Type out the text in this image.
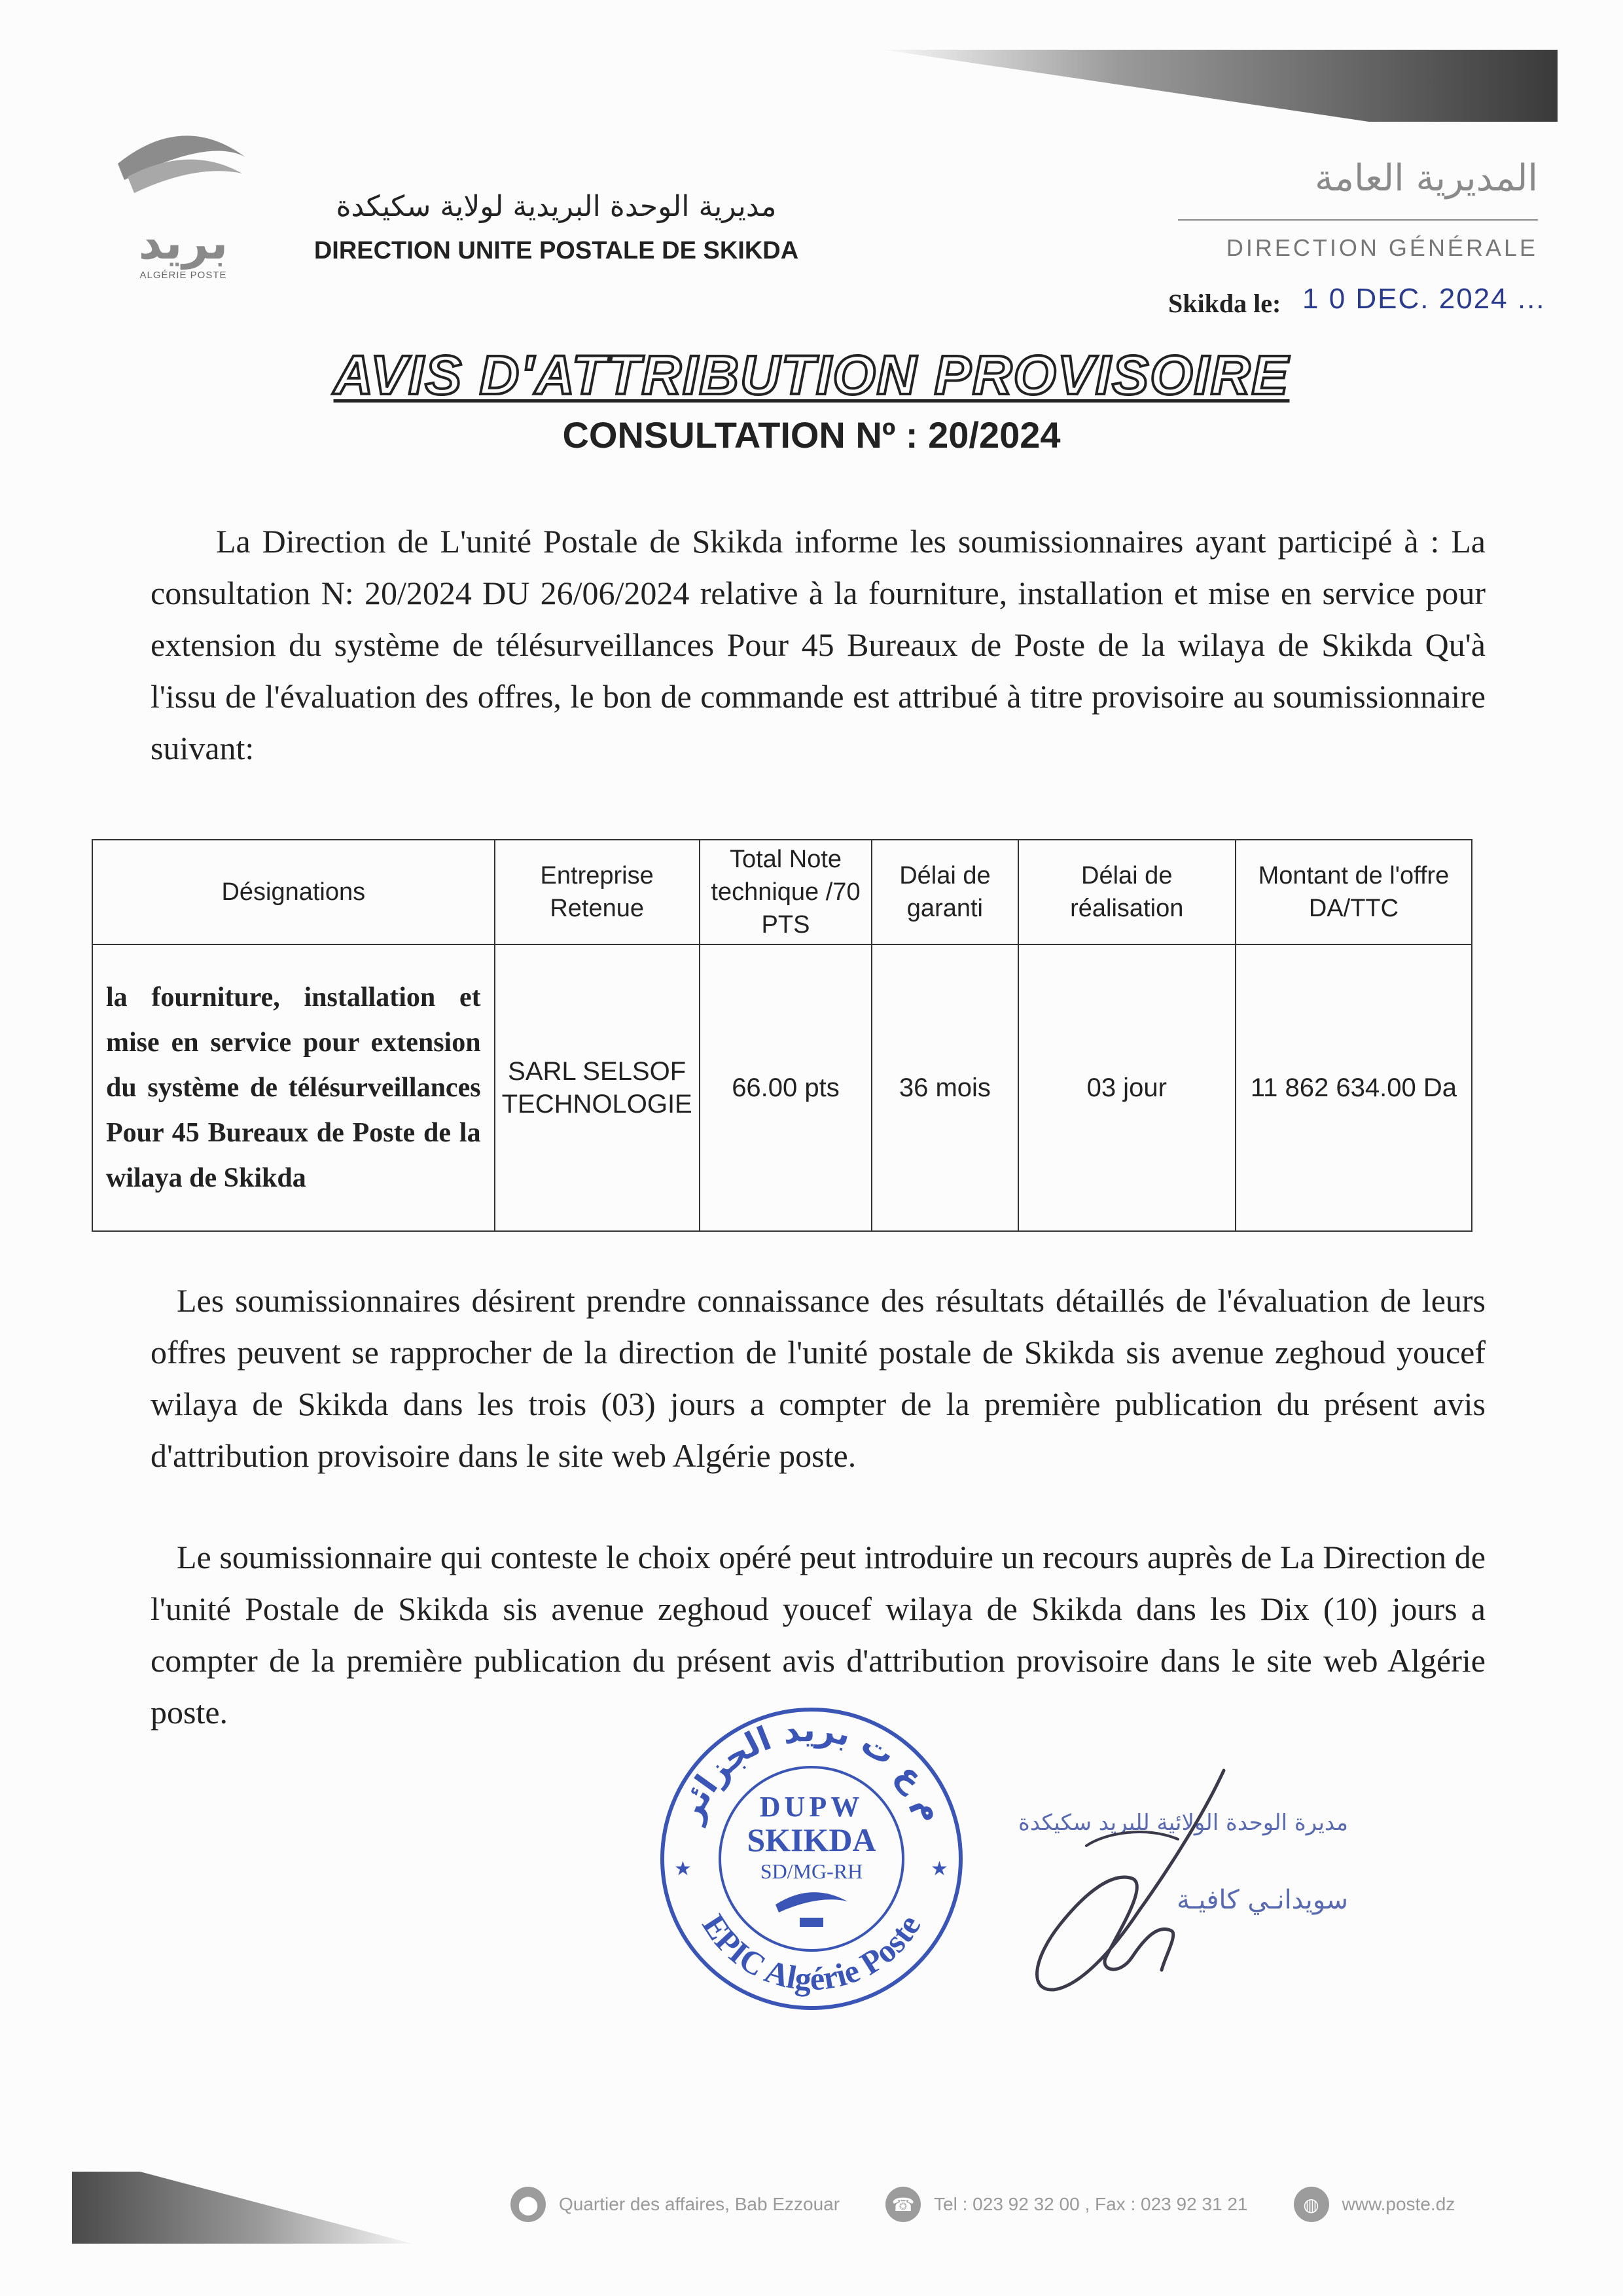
بريد
ALGÉRIE POSTE
مديرية الوحدة البريدية لولاية سكيكدة
DIRECTION UNITE POSTALE DE SKIKDA
المديرية العامة
DIRECTION GÉNÉRALE
Skikda le: 1 0 DEC. 2024 ...
AVIS D'ATTRIBUTION PROVISOIRE
CONSULTATION Nº : 20/2024
La Direction de L'unité Postale de Skikda informe les soumissionnaires ayant participé à : La consultation N: 20/2024 DU 26/06/2024 relative à la fourniture, installation et mise en service pour extension du système de télésurveillances Pour 45 Bureaux de Poste de la wilaya de Skikda Qu'à l'issu de l'évaluation des offres, le bon de commande est attribué à titre provisoire au soumissionnaire suivant:
Désignations	Entreprise Retenue	Total Note technique /70 PTS	Délai de garanti	Délai de réalisation	Montant de l'offre DA/TTC
la fourniture, installation et mise en service pour extension du système de télésurveillances Pour 45 Bureaux de Poste de la wilaya de Skikda	SARL SELSOF TECHNOLOGIE	66.00 pts	36 mois	03 jour	11 862 634.00 Da
Les soumissionnaires désirent prendre connaissance des résultats détaillés de l'évaluation de leurs offres peuvent se rapprocher de la direction de l'unité postale de Skikda sis avenue zeghoud youcef wilaya de Skikda dans les trois (03) jours a compter de la première publication du présent avis d'attribution provisoire dans le site web Algérie poste.
Le soumissionnaire qui conteste le choix opéré peut introduire un recours auprès de La Direction de l'unité Postale de Skikda sis avenue zeghoud youcef wilaya de Skikda dans les Dix (10) jours a compter de la première publication du présent avis d'attribution provisoire dans le site web Algérie poste.
م ع ت بريد الجزائر
EPIC Algérie Poste
★	★
DUPW
SKIKDA
SD/MG-RH
مديرة الوحدة الولائية للبريد سكيكدة
سويدانـي كافيـة
⬤	Quartier des affaires, Bab Ezzouar	☎	Tel : 023 92 32 00 , Fax : 023 92 31 21	◍	www.poste.dz
